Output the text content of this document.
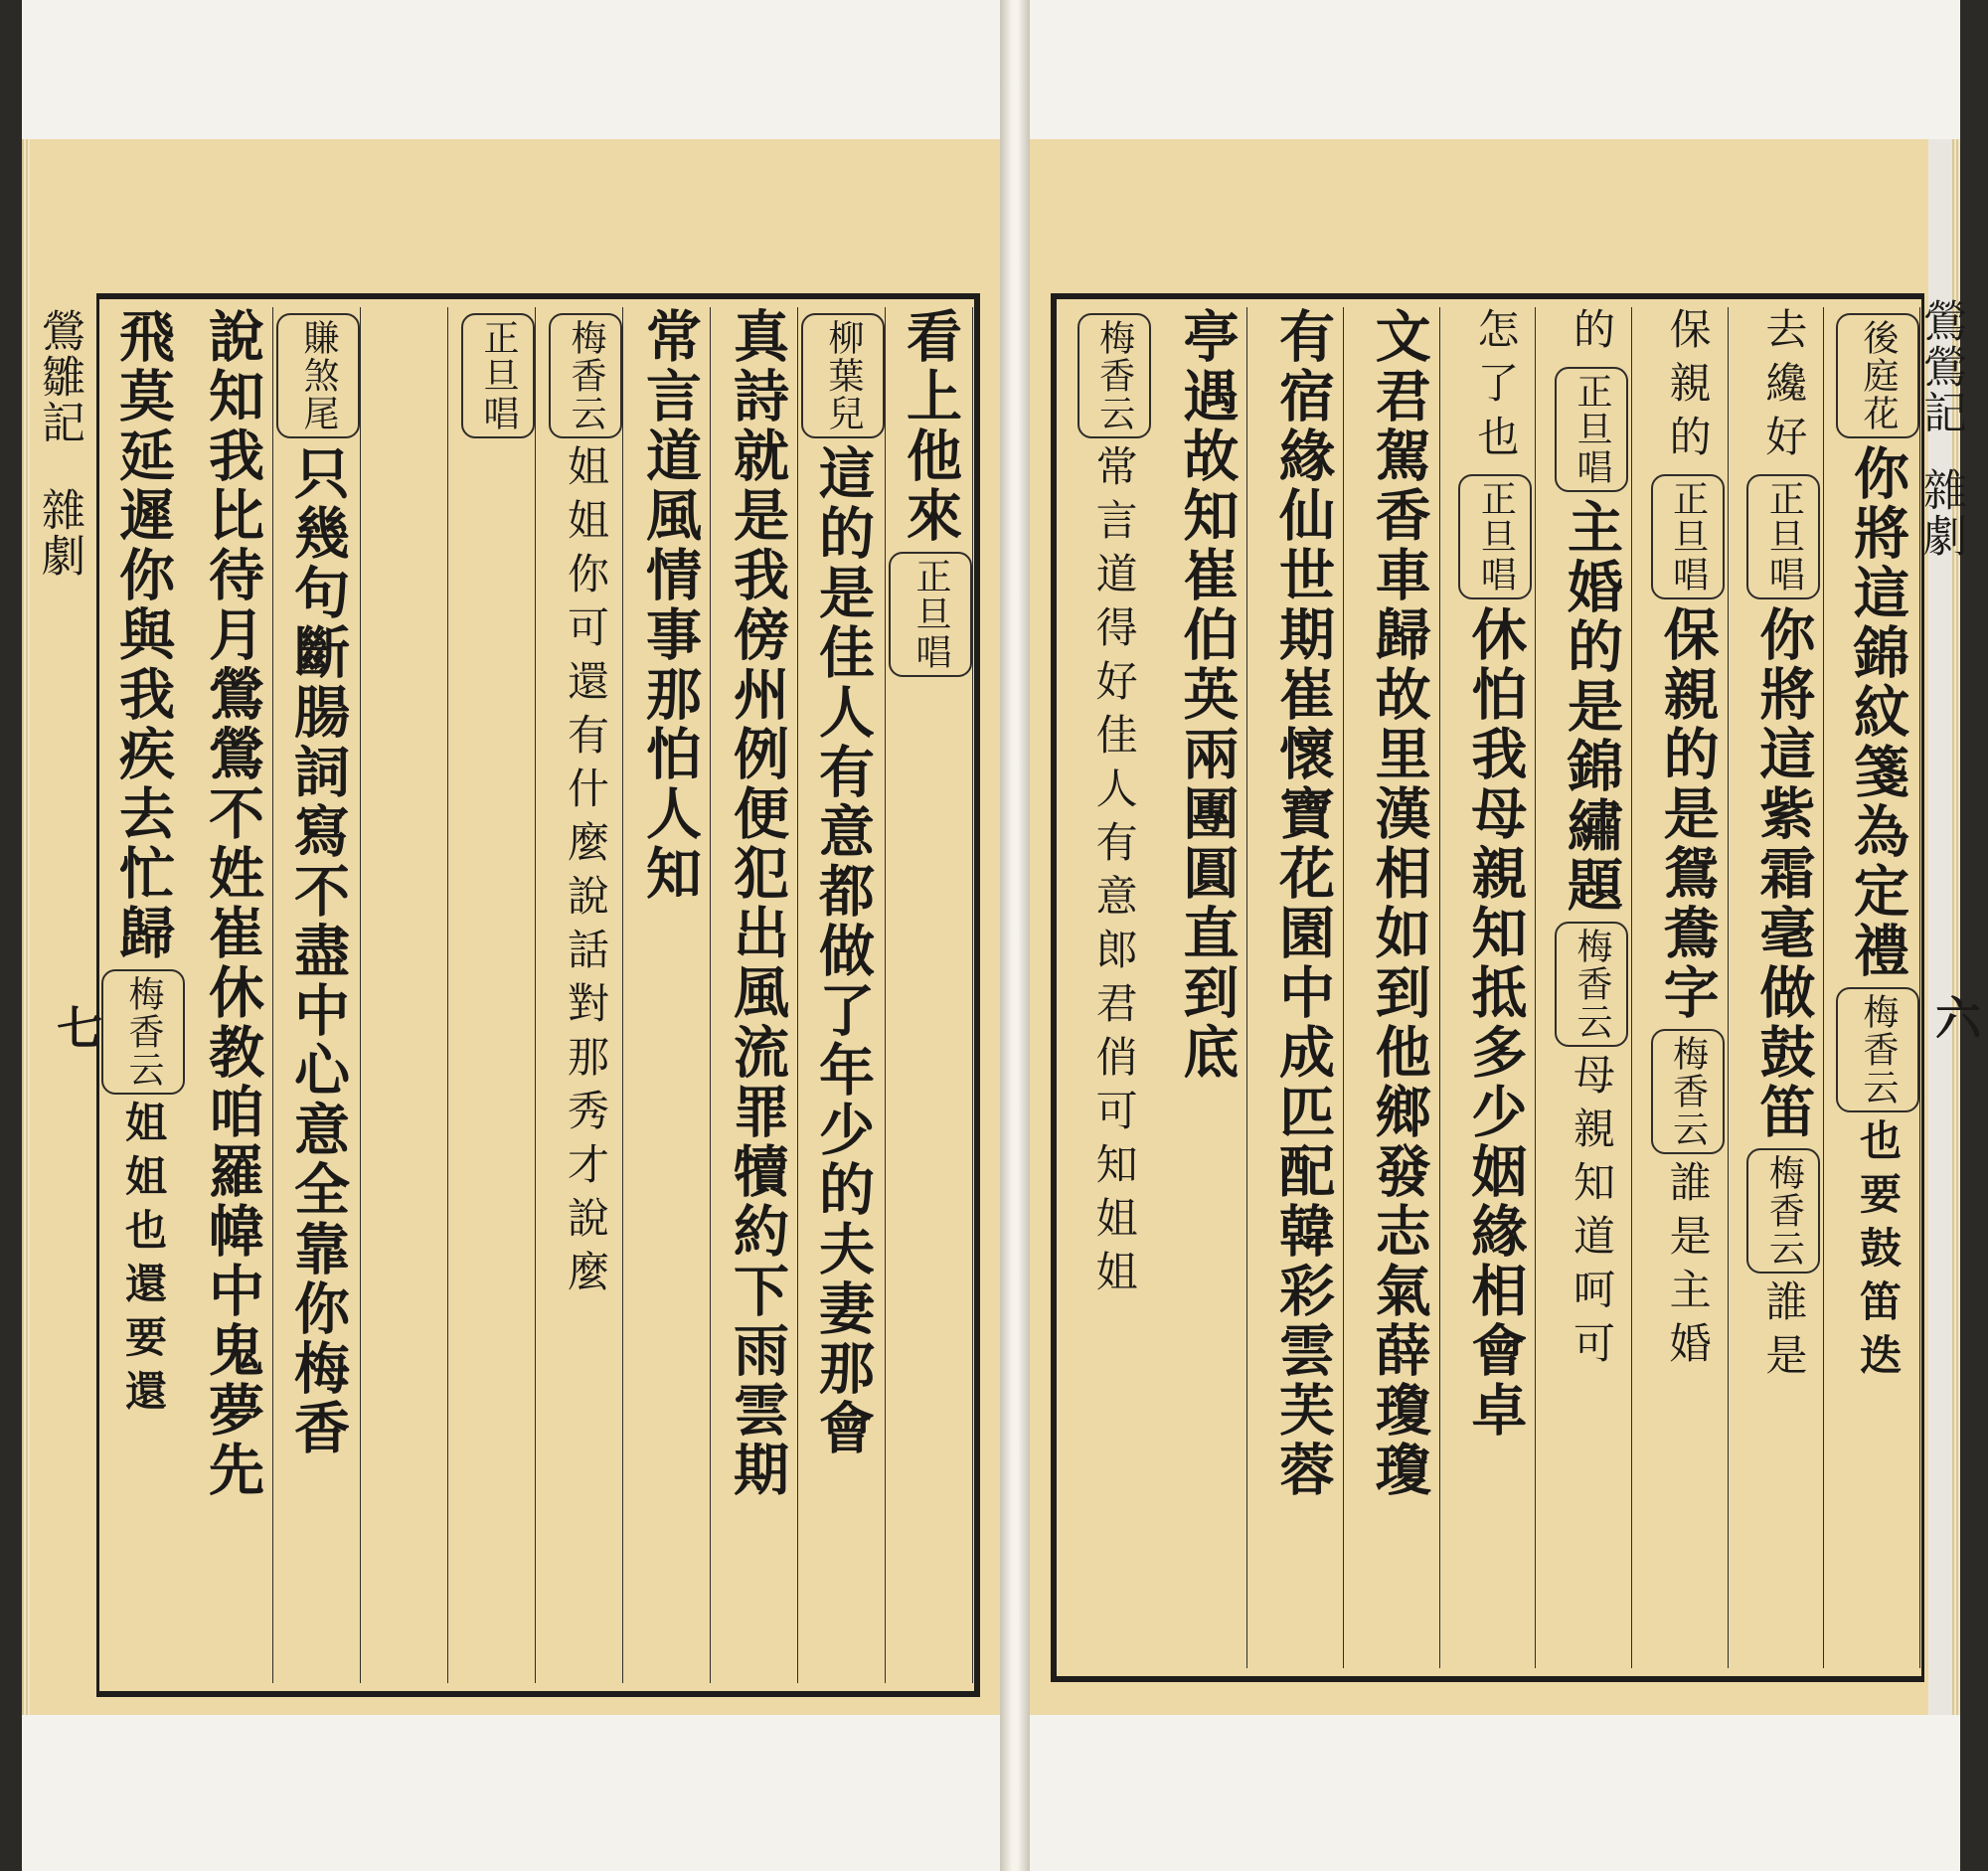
鶯雛記
雜劇
七
看上他來正旦唱
柳葉兒這的是佳人有意都做了年少的夫妻那會
真詩就是我傍州例便犯出風流罪犢約下雨雲期
常言道風情事那怕人知
梅香云姐姐你可還有什麼說話對那秀才說麼
正旦唱
賺煞尾只幾句斷腸詞寫不盡中心意全靠你梅香
說知我比待月鶯鶯不姓崔休教咱羅幃中鬼夢先
飛莫延遲你與我疾去忙歸梅香云姐姐也還要還
後庭花你將這錦紋箋為定禮梅香云也要鼓笛迭
去纔好正旦唱你將這紫霜毫做鼓笛梅香云誰是
保親的正旦唱保親的是鴛鴦字梅香云誰是主婚
的正旦唱主婚的是錦繡題梅香云母親知道呵可
怎了也正旦唱休怕我母親知抵多少姻緣相會卓
文君駕香車歸故里漢相如到他鄉發志氣薛瓊瓊
有宿緣仙世期崔懷寶花園中成匹配韓彩雲芙蓉
亭遇故知崔伯英兩團圓直到底
梅香云常言道得好佳人有意郎君俏可知姐姐
鶯鶯記
雜劇
六
